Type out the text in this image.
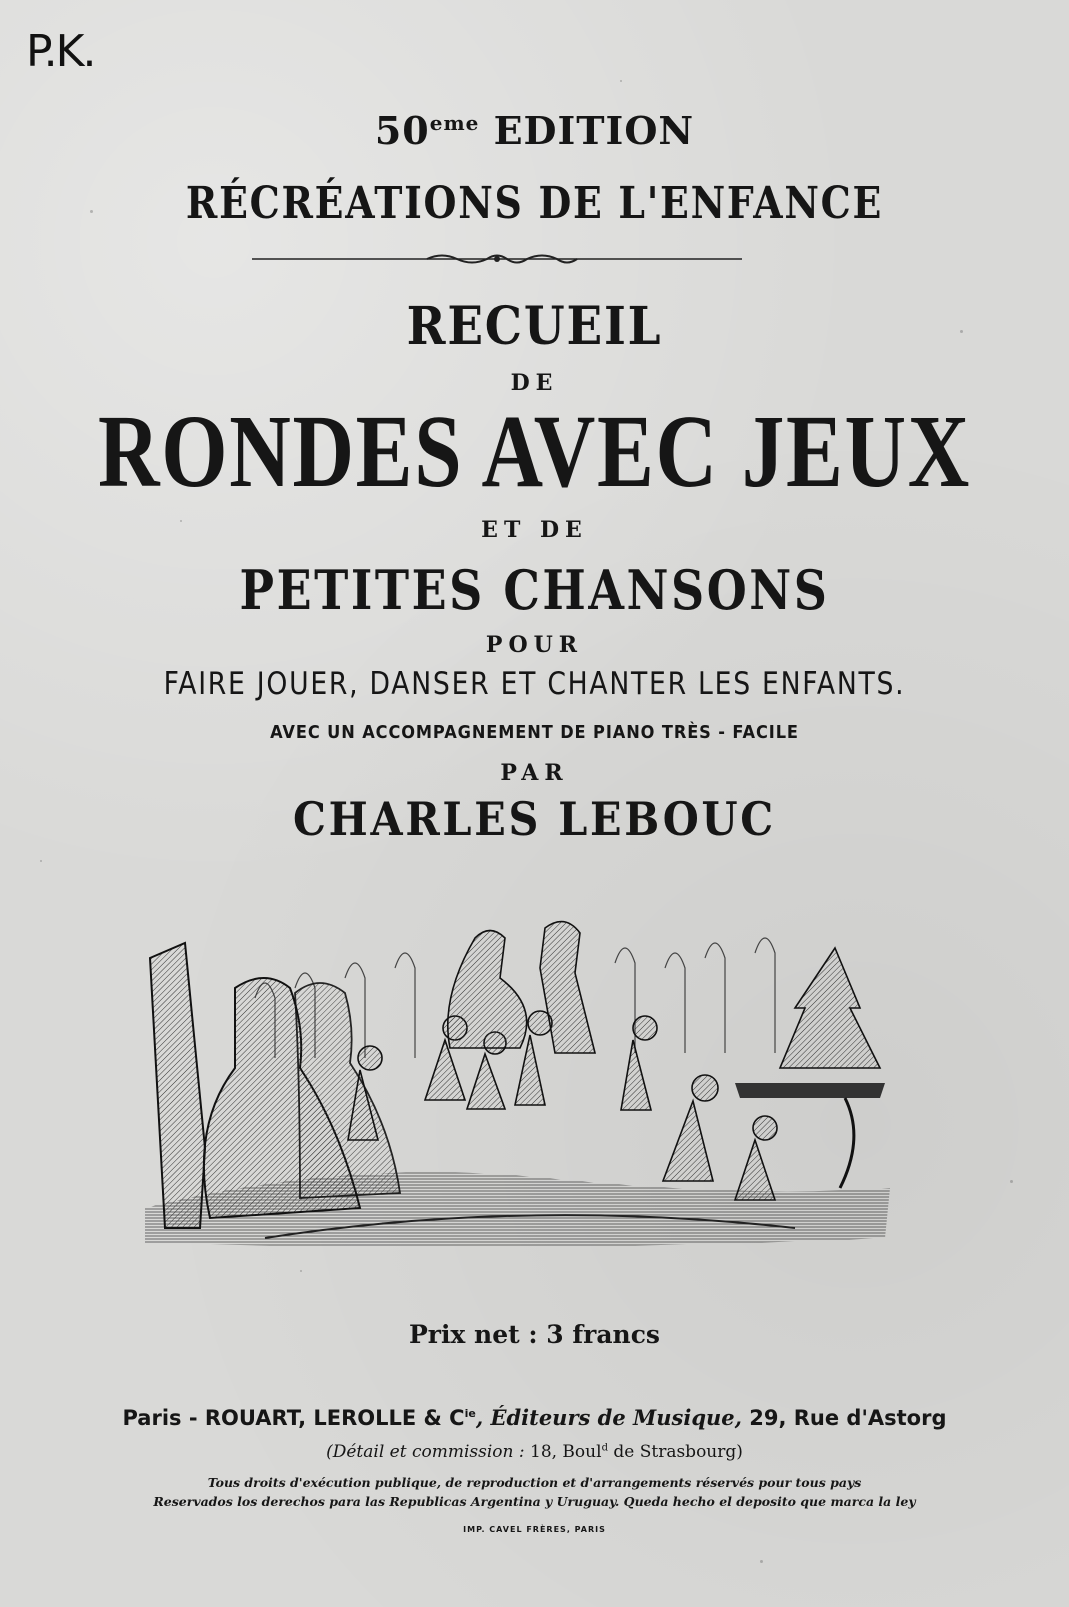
P.K.
50eme EDITION
RÉCRÉATIONS DE L'ENFANCE
RECUEIL
DE
RONDES AVEC JEUX
ET DE
PETITES CHANSONS
POUR
FAIRE JOUER, DANSER ET CHANTER LES ENFANTS.
AVEC UN ACCOMPAGNEMENT DE PIANO TRÈS - FACILE
PAR
CHARLES LEBOUC
Prix net : 3 francs
Paris - ROUART, LEROLLE & $C^{ie}$, Éditeurs de Musique, 29, Rue d'Astorg
(Détail et commission : 18, Boul$^d$ de Strasbourg)
Tous droits d'exécution publique, de reproduction et d'arrangements réservés pour tous pays
Reservados los derechos para las Republicas Argentina y Uruguay. Queda hecho el deposito que marca la ley
IMP. CAVEL FRÈRES, PARIS
